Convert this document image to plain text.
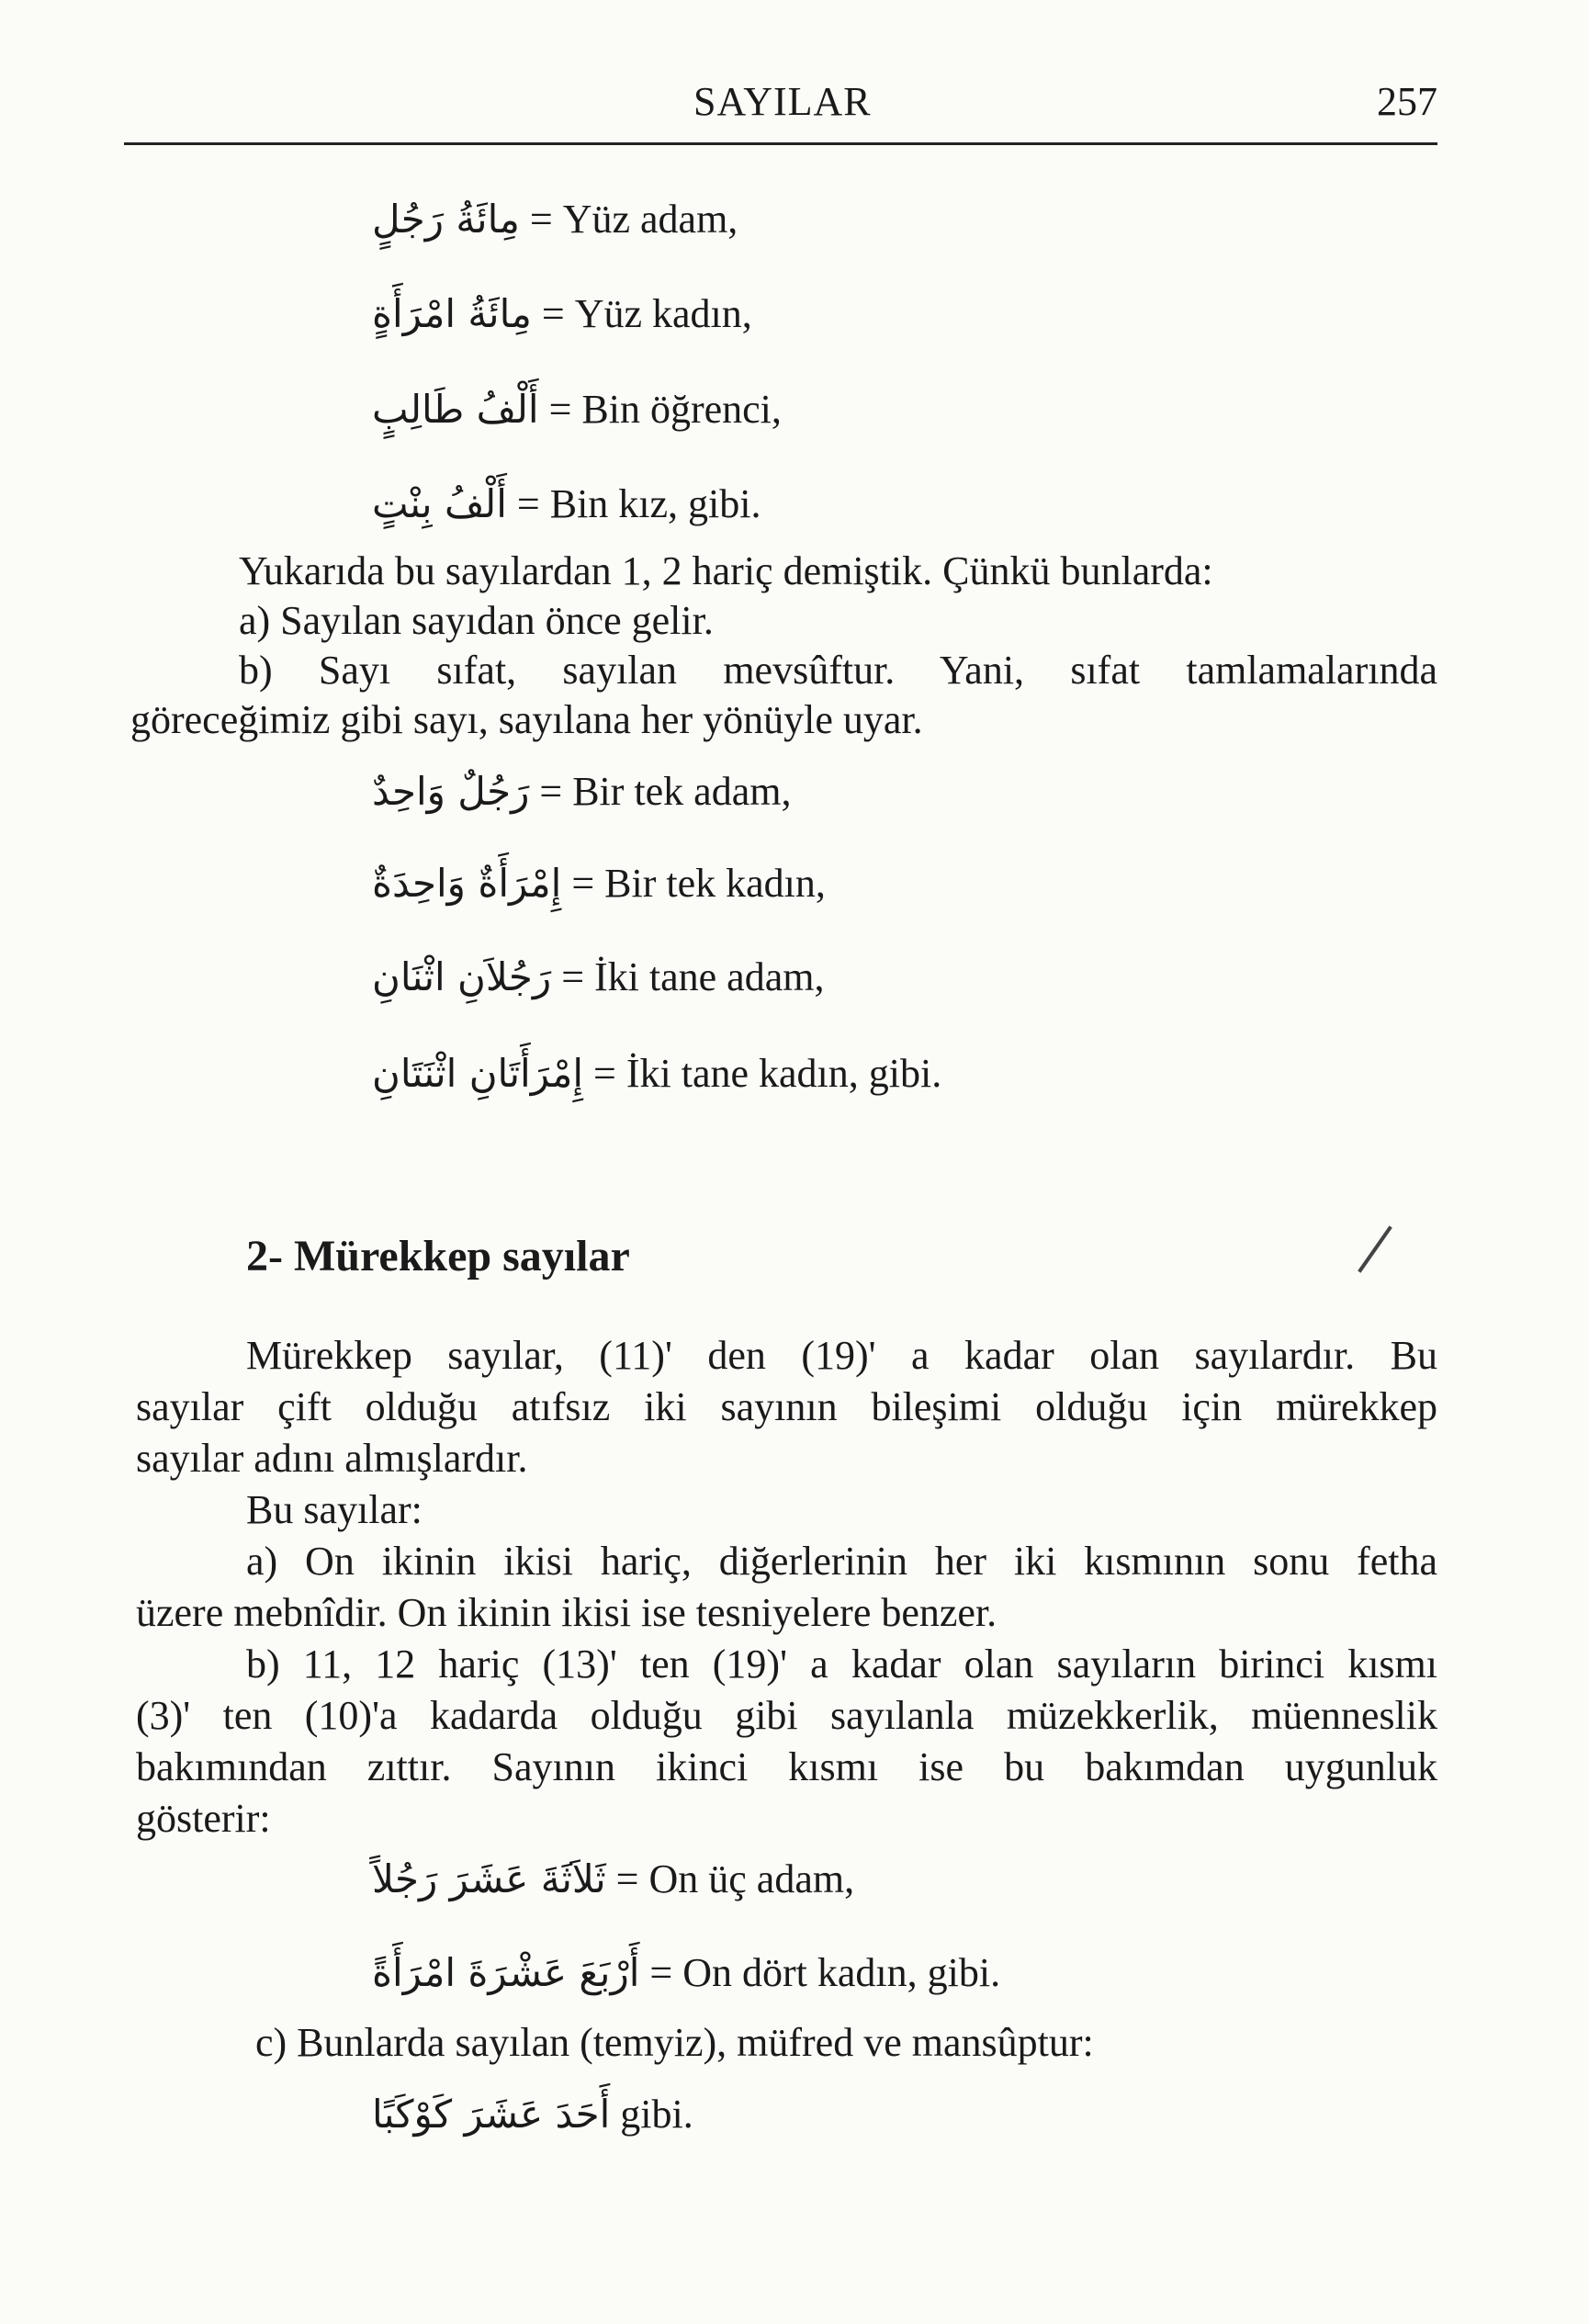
SAYILAR	257
مِائَةُ رَجُلٍ = Yüz adam,
مِائَةُ امْرَأَةٍ = Yüz kadın,
أَلْفُ طَالِبٍ = Bin öğrenci,
أَلْفُ بِنْتٍ = Bin kız, gibi.
Yukarıda bu sayılardan 1, 2 hariç demiştik. Çünkü bunlarda:
a) Sayılan sayıdan önce gelir.
b) Sayı sıfat, sayılan mevsûftur. Yani, sıfat tamlamalarında
göreceğimiz gibi sayı, sayılana her yönüyle uyar.
رَجُلٌ وَاحِدٌ = Bir tek adam,
إِمْرَأَةٌ وَاحِدَةٌ = Bir tek kadın,
رَجُلاَنِ اثْنَانِ = İki tane adam,
إِمْرَأَتَانِ اثْنَتَانِ = İki tane kadın, gibi.
2- Mürekkep sayılar
Mürekkep sayılar, (11)' den (19)' a kadar olan sayılardır. Bu
sayılar çift olduğu atıfsız iki sayının bileşimi olduğu için mürekkep
sayılar adını almışlardır.
Bu sayılar:
a) On ikinin ikisi hariç, diğerlerinin her iki kısmının sonu fetha
üzere mebnîdir. On ikinin ikisi ise tesniyelere benzer.
b) 11, 12 hariç (13)' ten (19)' a kadar olan sayıların birinci kısmı
(3)' ten (10)'a kadarda olduğu gibi sayılanla müzekkerlik, müenneslik
bakımından zıttır. Sayının ikinci kısmı ise bu bakımdan uygunluk
gösterir:
ثَلاَثَةَ عَشَرَ رَجُلاً = On üç adam,
أَرْبَعَ عَشْرَةَ امْرَأَةً = On dört kadın, gibi.
c) Bunlarda sayılan (temyiz), müfred ve mansûptur:
أَحَدَ عَشَرَ كَوْكَبًا gibi.
